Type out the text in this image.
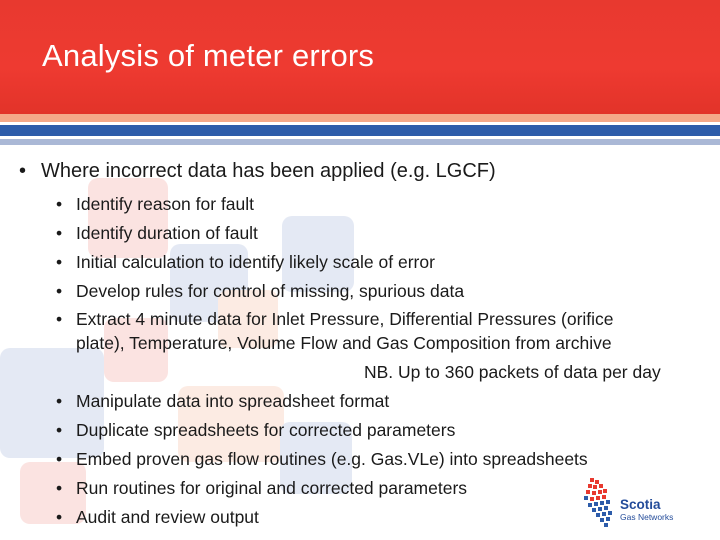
Analysis of meter errors
• Where incorrect data has been applied (e.g. LGCF)
• Identify reason for fault
• Identify duration of fault
• Initial calculation to identify likely scale of error
• Develop rules for control of missing, spurious data
• Extract 4 minute data for Inlet Pressure, Differential Pressures (orifice
plate), Temperature, Volume Flow and Gas Composition from archive
NB. Up to 360 packets of data per day
• Manipulate data into spreadsheet format
• Duplicate spreadsheets for corrected parameters
• Embed proven gas flow routines (e.g. Gas.VLe) into spreadsheets
• Run routines for original and corrected parameters
• Audit and review output
Scotia
Gas Networks
